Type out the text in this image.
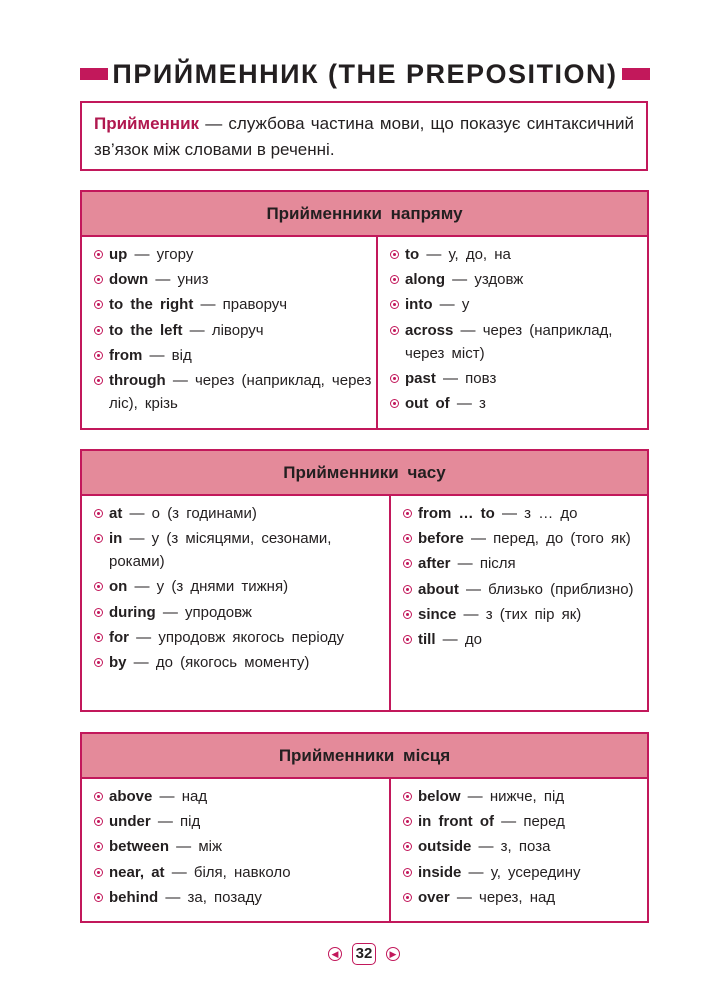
ПРИЙМЕННИК (THE PREPOSITION)
Прийменник — службова частина мови, що показує синтаксичний зв’язок між словами в реченні.
Прийменники напряму
up — угору
down — униз
to the right — праворуч
to the left — ліворуч
from — від
through — через (наприклад, через ліс), крізь
to — у, до, на
along — уздовж
into — у
across — через (наприклад, через міст)
past — повз
out of — з
Прийменники часу
at — о (з годинами)
in — у (з місяцями, сезонами, роками)
on — у (з днями тижня)
during — упродовж
for — упродовж якогось періоду
by — до (якогось моменту)
from … to — з … до
before — перед, до (того як)
after — після
about — близько (приблизно)
since — з (тих пір як)
till — до
Прийменники місця
above — над
under — під
between — між
near, at — біля, навколо
behind — за, позаду
below — нижче, під
in front of — перед
outside — з, поза
inside — у, усередину
over — через, над
◀ 32	▶
